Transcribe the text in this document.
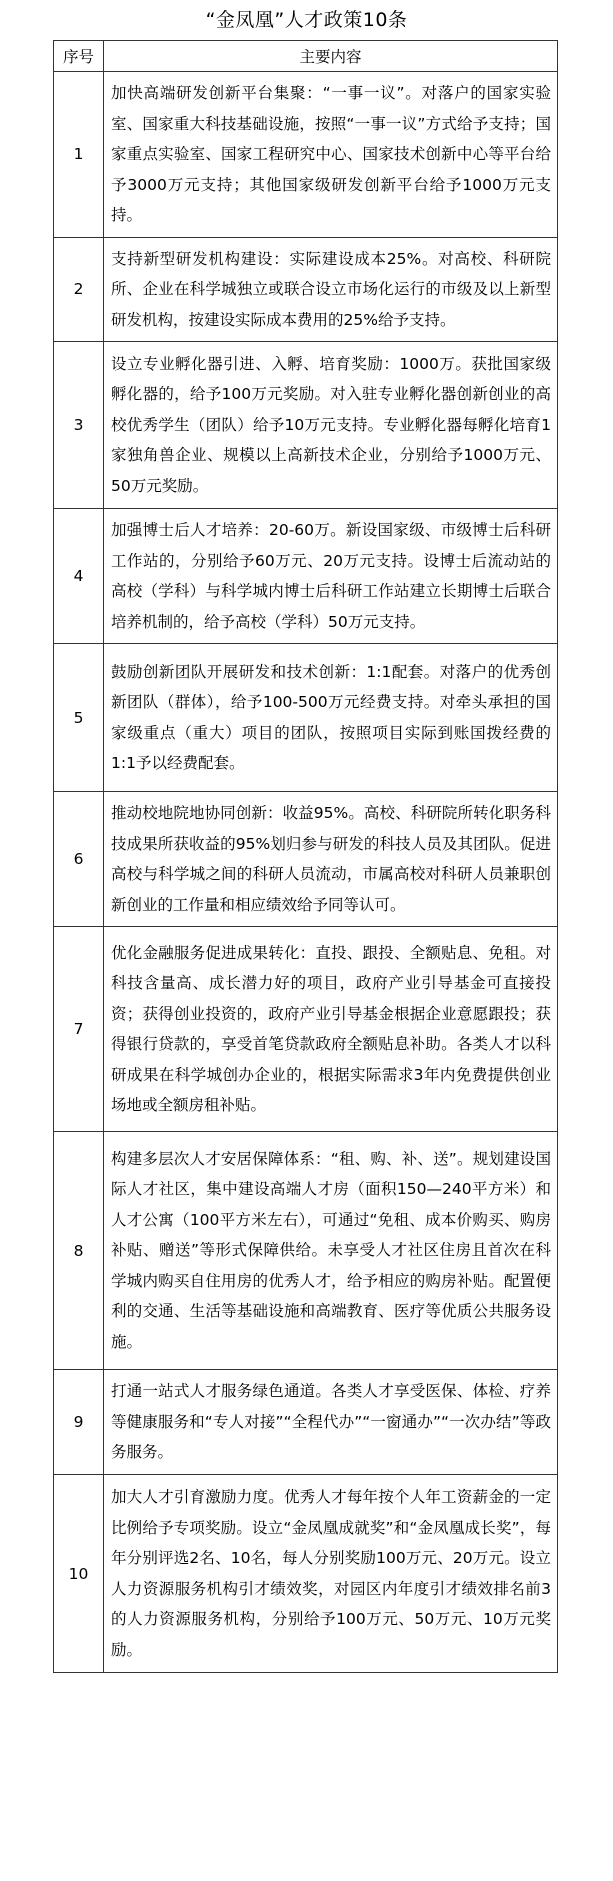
“金凤凰”人才政策10条
序号	主要内容
1	加快高端研发创新平台集聚：“一事一议”。对落户的国家实验室、国家重大科技基础设施，按照“一事一议”方式给予支持；国家重点实验室、国家工程研究中心、国家技术创新中心等平台给予3000万元支持；其他国家级研发创新平台给予1000万元支持。
2	支持新型研发机构建设：实际建设成本25%。对高校、科研院所、企业在科学城独立或联合设立市场化运行的市级及以上新型研发机构，按建设实际成本费用的25%给予支持。
3	设立专业孵化器引进、入孵、培育奖励：1000万。获批国家级孵化器的，给予100万元奖励。对入驻专业孵化器创新创业的高校优秀学生（团队）给予10万元支持。专业孵化器每孵化培育1家独角兽企业、规模以上高新技术企业，分别给予1000万元、50万元奖励。
4	加强博士后人才培养：20-60万。新设国家级、市级博士后科研工作站的，分别给予60万元、20万元支持。设博士后流动站的高校（学科）与科学城内博士后科研工作站建立长期博士后联合培养机制的，给予高校（学科）50万元支持。
5	鼓励创新团队开展研发和技术创新：1:1配套。对落户的优秀创新团队（群体），给予100-500万元经费支持。对牵头承担的国家级重点（重大）项目的团队，按照项目实际到账国拨经费的1:1予以经费配套。
6	推动校地院地协同创新：收益95%。高校、科研院所转化职务科技成果所获收益的95%划归参与研发的科技人员及其团队。促进高校与科学城之间的科研人员流动，市属高校对科研人员兼职创新创业的工作量和相应绩效给予同等认可。
7	优化金融服务促进成果转化：直投、跟投、全额贴息、免租。对科技含量高、成长潜力好的项目，政府产业引导基金可直接投资；获得创业投资的，政府产业引导基金根据企业意愿跟投；获得银行贷款的，享受首笔贷款政府全额贴息补助。各类人才以科研成果在科学城创办企业的，根据实际需求3年内免费提供创业场地或全额房租补贴。
8	构建多层次人才安居保障体系：“租、购、补、送”。规划建设国际人才社区，集中建设高端人才房（面积150—240平方米）和人才公寓（100平方米左右），可通过“免租、成本价购买、购房补贴、赠送”等形式保障供给。未享受人才社区住房且首次在科学城内购买自住用房的优秀人才，给予相应的购房补贴。配置便利的交通、生活等基础设施和高端教育、医疗等优质公共服务设施。
9	打通一站式人才服务绿色通道。各类人才享受医保、体检、疗养等健康服务和“专人对接”“全程代办”“一窗通办”“一次办结”等政务服务。
10	加大人才引育激励力度。优秀人才每年按个人年工资薪金的一定比例给予专项奖励。设立“金凤凰成就奖”和“金凤凰成长奖”，每年分别评选2名、10名，每人分别奖励100万元、20万元。设立人力资源服务机构引才绩效奖，对园区内年度引才绩效排名前3的人力资源服务机构，分别给予100万元、50万元、10万元奖励。
